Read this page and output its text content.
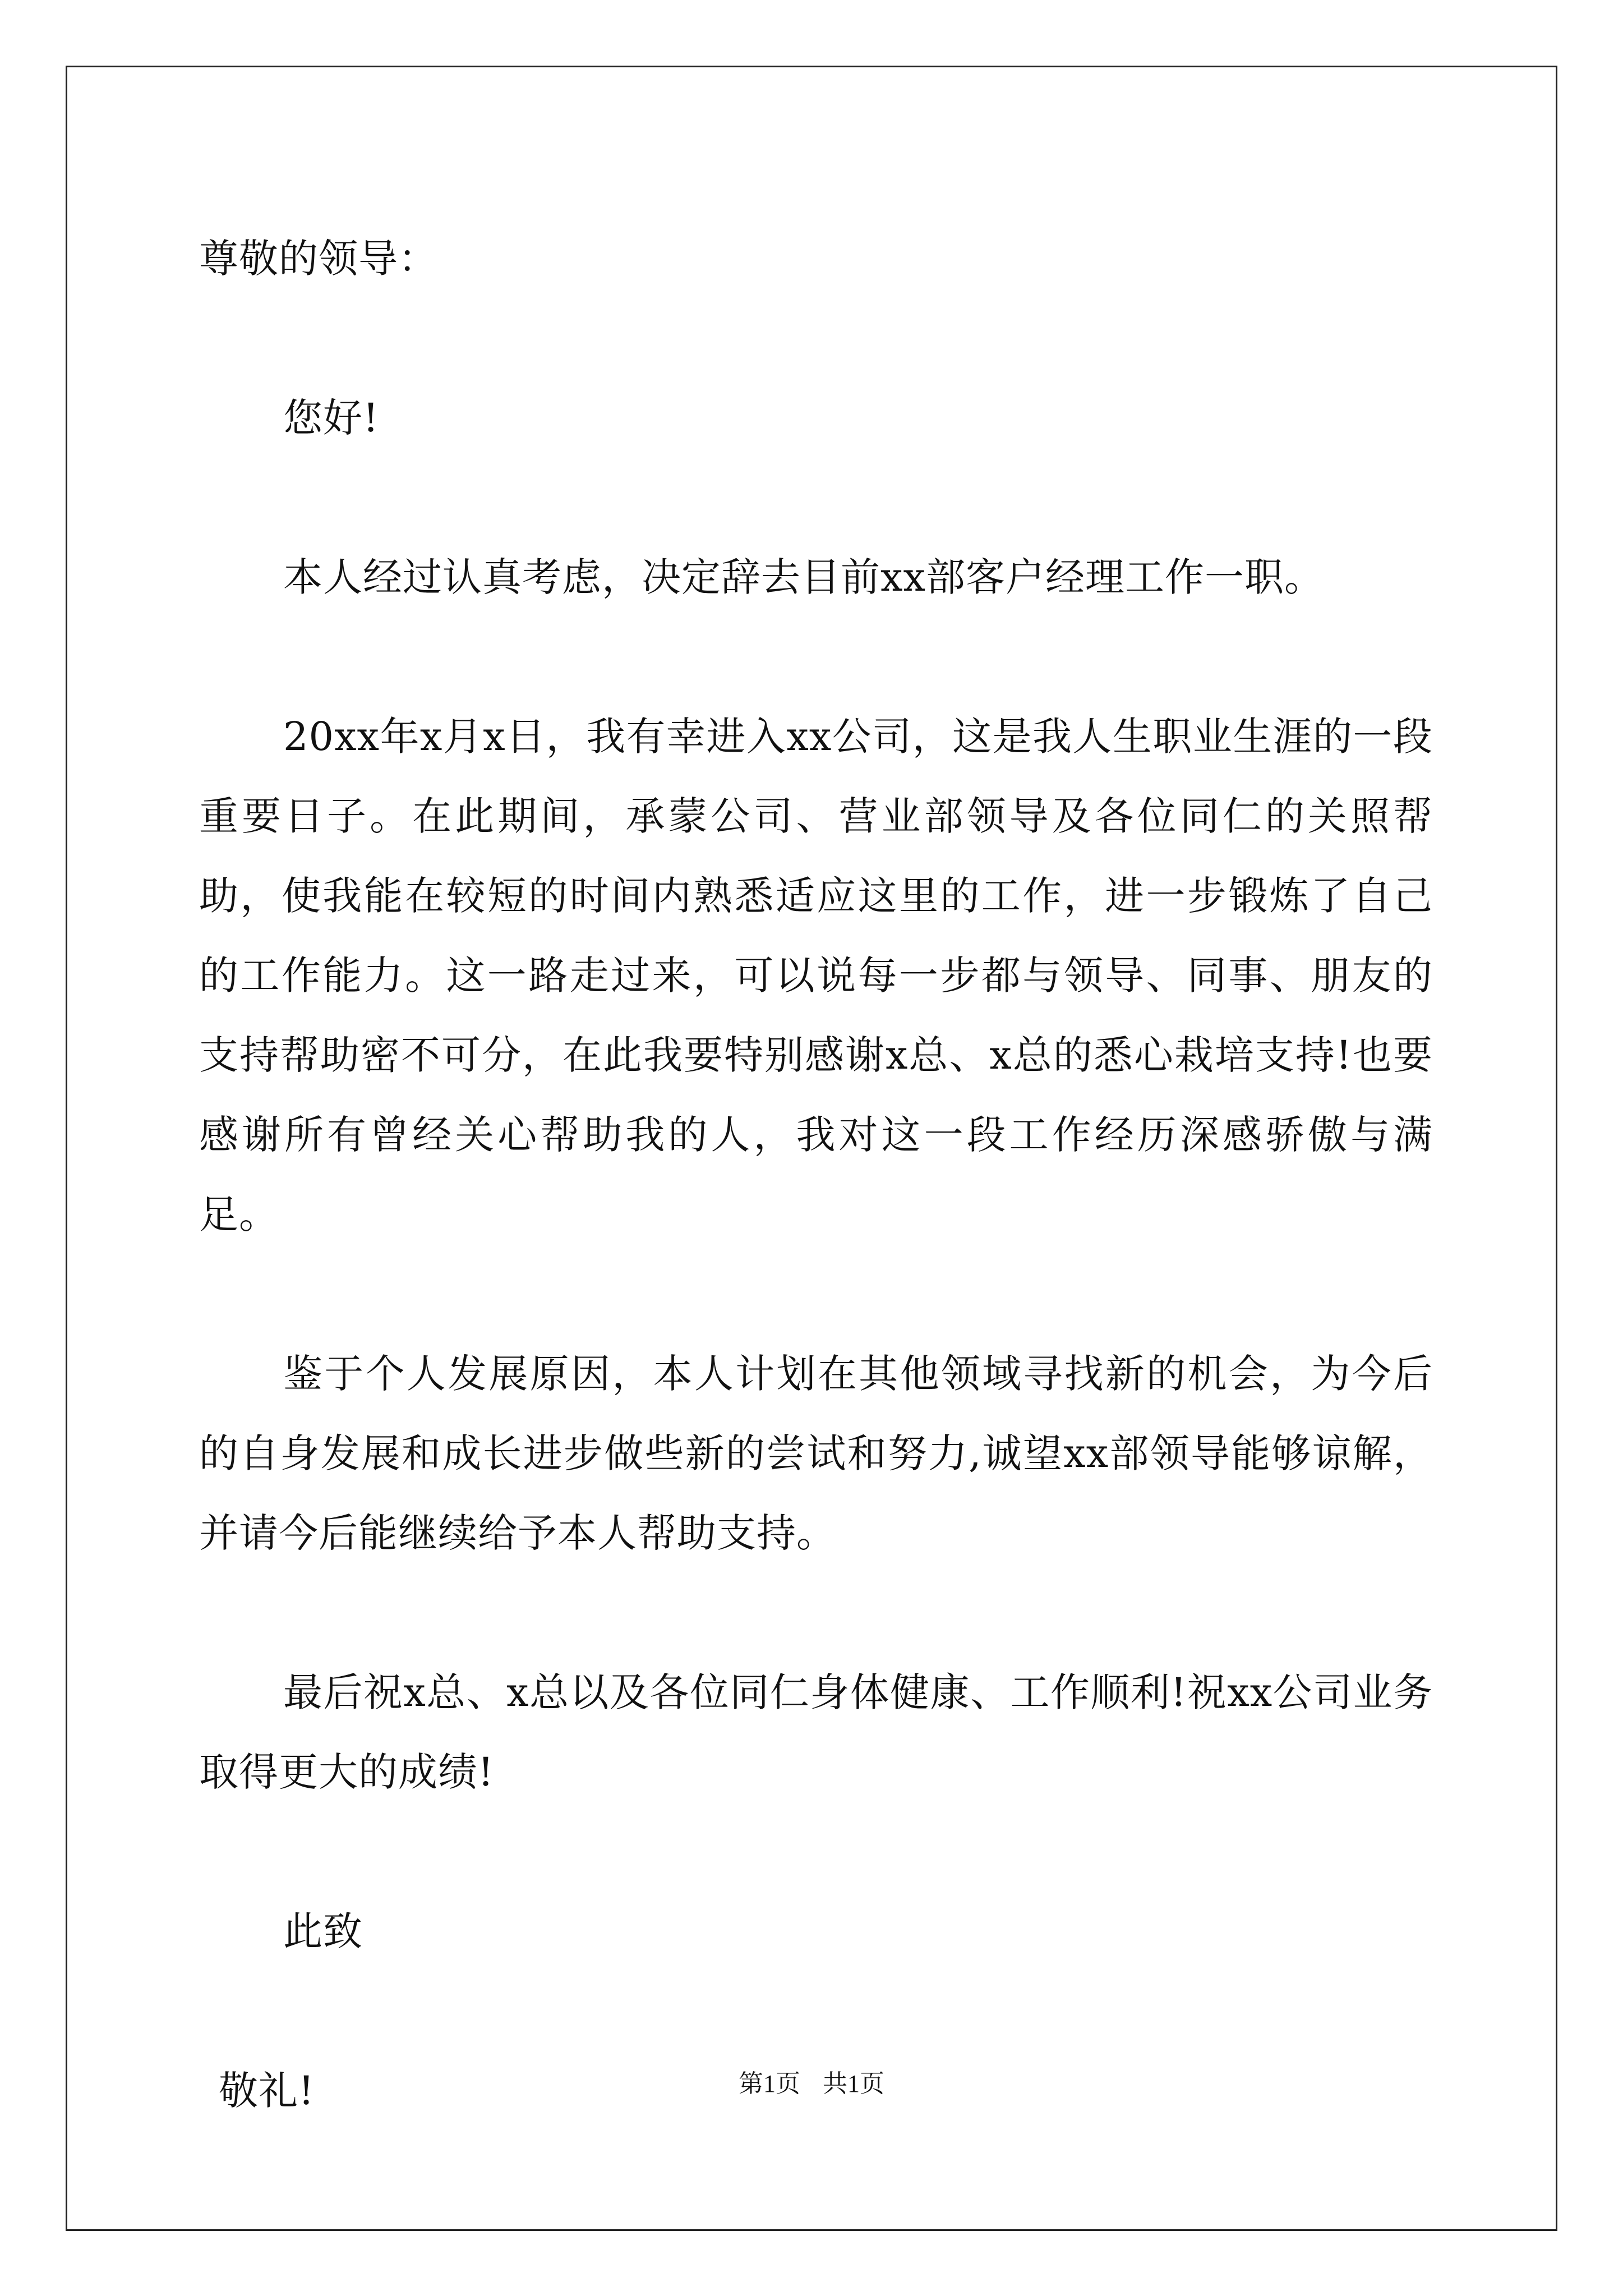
尊敬的领导：

您好!

本人经过认真考虑，决定辞去目前xx部客户经理工作一职。

20xx年x月x日，我有幸进入xx公司，这是我人生职业生涯的一段重要日子。在此期间，承蒙公司、营业部领导及各位同仁的关照帮助，使我能在较短的时间内熟悉适应这里的工作，进一步锻炼了自己的工作能力。这一路走过来，可以说每一步都与领导、同事、朋友的支持帮助密不可分，在此我要特别感谢x总、x总的悉心栽培支持!也要感谢所有曾经关心帮助我的人，我对这一段工作经历深感骄傲与满足。

鉴于个人发展原因，本人计划在其他领域寻找新的机会，为今后的自身发展和成长进步做些新的尝试和努力,诚望xx部领导能够谅解，并请今后能继续给予本人帮助支持。

最后祝x总、x总以及各位同仁身体健康、工作顺利!祝xx公司业务取得更大的成绩!

此致

敬礼!	第1页 共1页
